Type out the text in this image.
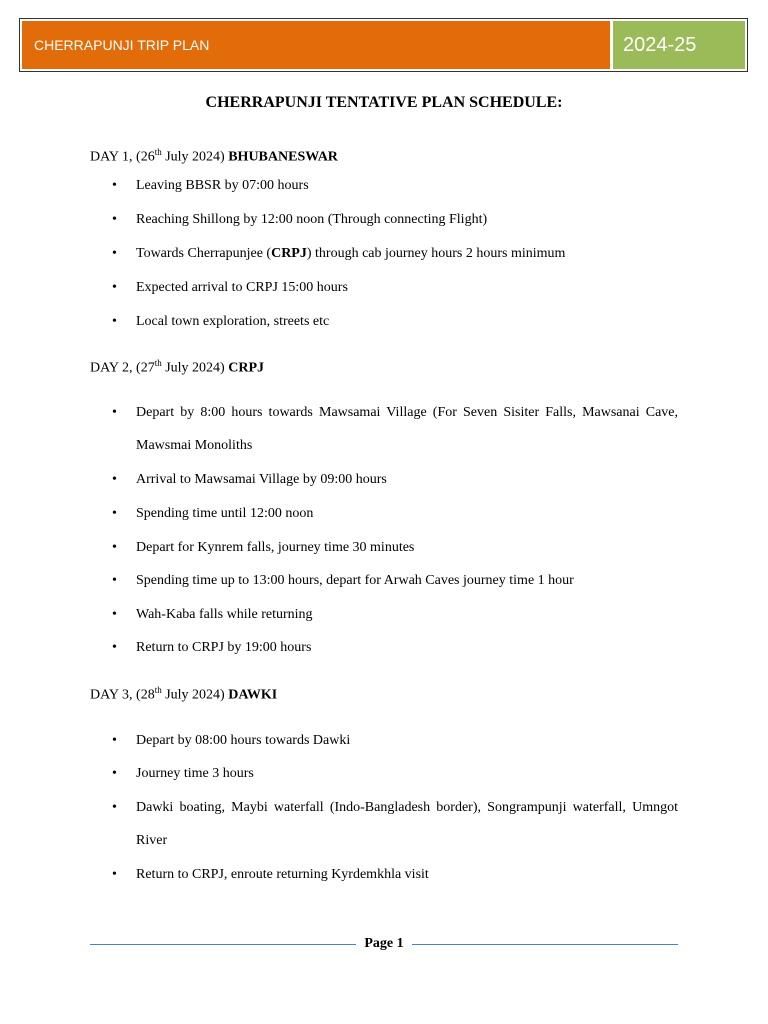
CHERRAPUNJI TRIP PLAN	2024-25
CHERRAPUNJI TENTATIVE PLAN SCHEDULE:
DAY 1, (26th July 2024) BHUBANESWAR
• Leaving BBSR by 07:00 hours
• Reaching Shillong by 12:00 noon (Through connecting Flight)
• Towards Cherrapunjee (CRPJ) through cab journey hours 2 hours minimum
• Expected arrival to CRPJ 15:00 hours
• Local town exploration, streets etc
DAY 2, (27th July 2024) CRPJ
• Depart by 8:00 hours towards Mawsamai Village (For Seven Sisiter Falls, Mawsanai Cave,
Mawsmai Monoliths
• Arrival to Mawsamai Village by 09:00 hours
• Spending time until 12:00 noon
• Depart for Kynrem falls, journey time 30 minutes
• Spending time up to 13:00 hours, depart for Arwah Caves journey time 1 hour
• Wah-Kaba falls while returning
• Return to CRPJ by 19:00 hours
DAY 3, (28th July 2024) DAWKI
• Depart by 08:00 hours towards Dawki
• Journey time 3 hours
• Dawki boating, Maybi waterfall (Indo-Bangladesh border), Songrampunji waterfall, Umngot
River
• Return to CRPJ, enroute returning Kyrdemkhla visit
Page 1
